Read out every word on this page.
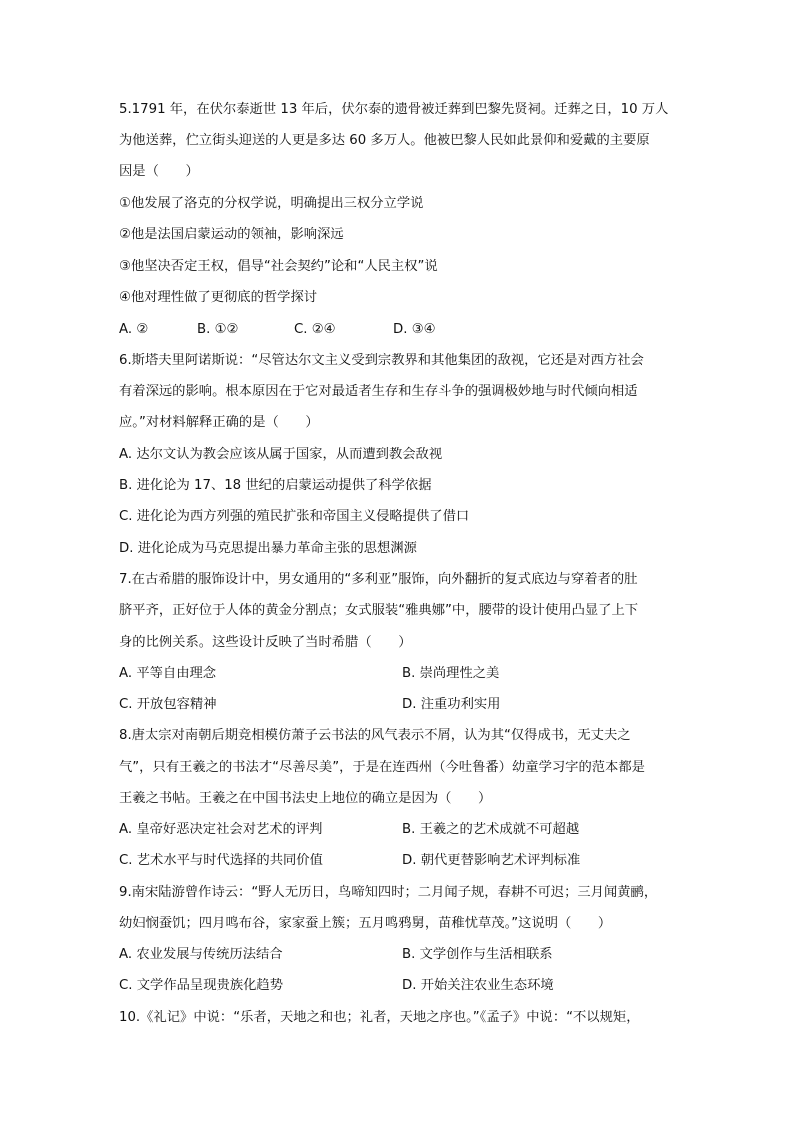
5.1791 年，在伏尔泰逝世 13 年后，伏尔泰的遗骨被迁葬到巴黎先贤祠。迁葬之日，10 万人
为他送葬，伫立街头迎送的人更是多达 60 多万人。他被巴黎人民如此景仰和爱戴的主要原
因是（　　）
①他发展了洛克的分权学说，明确提出三权分立学说
②他是法国启蒙运动的领袖，影响深远
③他坚决否定王权，倡导“社会契约”论和“人民主权”说
④他对理性做了更彻底的哲学探讨
A. ②	B. ①②	C. ②④	D. ③④
6.斯塔夫里阿诺斯说：“尽管达尔文主义受到宗教界和其他集团的敌视，它还是对西方社会
有着深远的影响。根本原因在于它对最适者生存和生存斗争的强调极妙地与时代倾向相适
应。”对材料解释正确的是（　　）
A. 达尔文认为教会应该从属于国家，从而遭到教会敌视
B. 进化论为 17、18 世纪的启蒙运动提供了科学依据
C. 进化论为西方列强的殖民扩张和帝国主义侵略提供了借口
D. 进化论成为马克思提出暴力革命主张的思想渊源
7.在古希腊的服饰设计中，男女通用的“多利亚”服饰，向外翻折的复式底边与穿着者的肚
脐平齐，正好位于人体的黄金分割点；女式服装“雅典娜”中，腰带的设计使用凸显了上下
身的比例关系。这些设计反映了当时希腊（　　）
A. 平等自由理念	B. 崇尚理性之美
C. 开放包容精神	D. 注重功利实用
8.唐太宗对南朝后期竞相模仿萧子云书法的风气表示不屑，认为其“仅得成书，无丈夫之
气”，只有王羲之的书法才“尽善尽美”，于是在连西州（今吐鲁番）幼童学习字的范本都是
王羲之书帖。王羲之在中国书法史上地位的确立是因为（　　）
A. 皇帝好恶决定社会对艺术的评判	B. 王羲之的艺术成就不可超越
C. 艺术水平与时代选择的共同价值	D. 朝代更替影响艺术评判标准
9.南宋陆游曾作诗云：“野人无历日，鸟啼知四时；二月闻子规，春耕不可迟；三月闻黄鹂，
幼妇悯蚕饥；四月鸣布谷，家家蚕上簇；五月鸣鸦舅，苗稚忧草茂。”这说明（　　）
A. 农业发展与传统历法结合	B. 文学创作与生活相联系
C. 文学作品呈现贵族化趋势	D. 开始关注农业生态环境
10.《礼记》中说：“乐者，天地之和也；礼者，天地之序也。”《孟子》中说：“不以规矩，
